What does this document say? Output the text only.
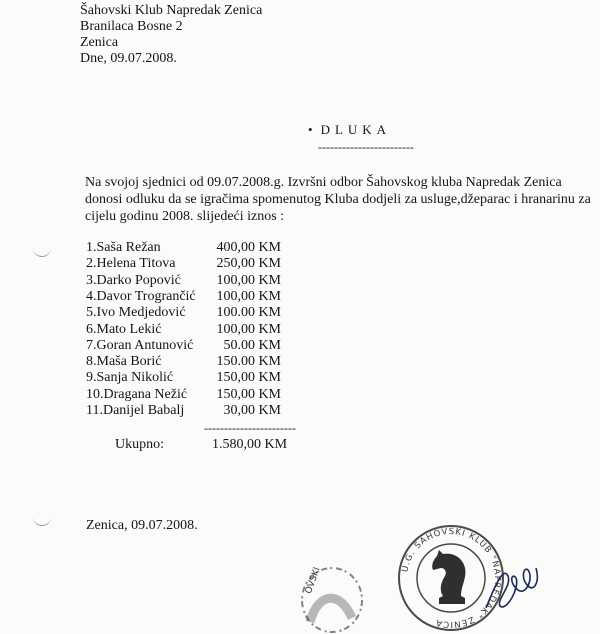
Šahovski Klub Napredak Zenica
Branilaca Bosne 2
Zenica
Dne, 09.07.2008.
• DLUKA
------------------------
Na svojoj sjednici od 09.07.2008.g. Izvršni odbor Šahovskog kluba Napredak Zenica donosi odluku da se igračima spomenutog Kluba dodjeli za usluge,džeparac i hranarinu za cijelu godinu 2008. slijedeći iznos :
1.Saša Režan	400,00 KM
2.Helena Titova	250,00 KM
3.Darko Popović	100,00 KM
4.Davor Trogrančić	100,00 KM
5.Ivo Medjedović	100.00 KM
6.Mato Lekić	100,00 KM
7.Goran Antunović	50.00 KM
8.Maša Borić	150.00 KM
9.Sanja Nikolić	150,00 KM
10.Dragana Nežić	150,00 KM
11.Danijel Babalj	30,00 KM
-----------------------
Ukupno:	1.580,00 KM
Zenica, 09.07.2008.
OVSKI	U.G. ŠAHOVSKI KLUB "NAPREDAK" ZENICA
